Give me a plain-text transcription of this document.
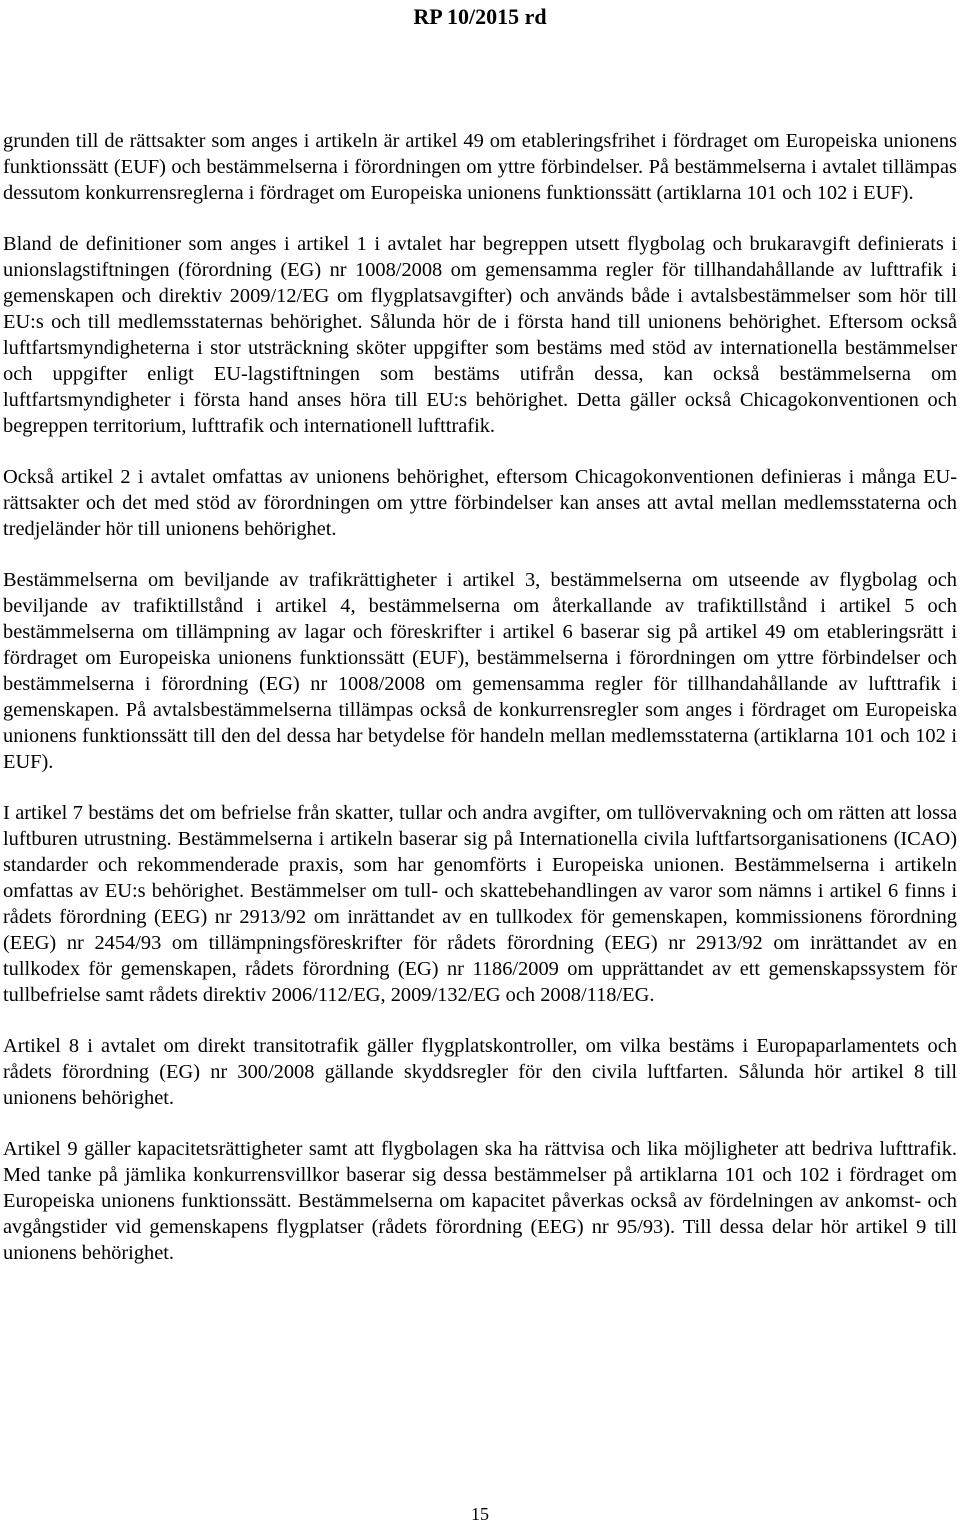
RP 10/2015 rd

grunden till de rättsakter som anges i artikeln är artikel 49 om etableringsfrihet i fördraget om Europeiska unionens funktionssätt (EUF) och bestämmelserna i förordningen om yttre förbindelser. På bestämmelserna i avtalet tillämpas dessutom konkurrensreglerna i fördraget om Europeiska unionens funktionssätt (artiklarna 101 och 102 i EUF).

Bland de definitioner som anges i artikel 1 i avtalet har begreppen utsett flygbolag och brukaravgift definierats i unionslagstiftningen (förordning (EG) nr 1008/2008 om gemensamma regler för tillhandahållande av lufttrafik i gemenskapen och direktiv 2009/12/EG om flygplatsavgifter) och används både i avtalsbestämmelser som hör till EU:s och till medlemsstaternas behörighet. Sålunda hör de i första hand till unionens behörighet. Eftersom också luftfartsmyndigheterna i stor utsträckning sköter uppgifter som bestäms med stöd av internationella bestämmelser och uppgifter enligt EU-lagstiftningen som bestäms utifrån dessa, kan också bestämmelserna om luftfartsmyndigheter i första hand anses höra till EU:s behörighet. Detta gäller också Chicagokonventionen och begreppen territorium, lufttrafik och internationell lufttrafik.

Också artikel 2 i avtalet omfattas av unionens behörighet, eftersom Chicagokonventionen definieras i många EU-rättsakter och det med stöd av förordningen om yttre förbindelser kan anses att avtal mellan medlemsstaterna och tredjeländer hör till unionens behörighet.

Bestämmelserna om beviljande av trafikrättigheter i artikel 3, bestämmelserna om utseende av flygbolag och beviljande av trafiktillstånd i artikel 4, bestämmelserna om återkallande av trafiktillstånd i artikel 5 och bestämmelserna om tillämpning av lagar och föreskrifter i artikel 6 baserar sig på artikel 49 om etableringsrätt i fördraget om Europeiska unionens funktionssätt (EUF), bestämmelserna i förordningen om yttre förbindelser och bestämmelserna i förordning (EG) nr 1008/2008 om gemensamma regler för tillhandahållande av lufttrafik i gemenskapen. På avtalsbestämmelserna tillämpas också de konkurrensregler som anges i fördraget om Europeiska unionens funktionssätt till den del dessa har betydelse för handeln mellan medlemsstaterna (artiklarna 101 och 102 i EUF).

I artikel 7 bestäms det om befrielse från skatter, tullar och andra avgifter, om tullövervakning och om rätten att lossa luftburen utrustning. Bestämmelserna i artikeln baserar sig på Internationella civila luftfartsorganisationens (ICAO) standarder och rekommenderade praxis, som har genomförts i Europeiska unionen. Bestämmelserna i artikeln omfattas av EU:s behörighet. Bestämmelser om tull- och skattebehandlingen av varor som nämns i artikel 6 finns i rådets förordning (EEG) nr 2913/92 om inrättandet av en tullkodex för gemenskapen, kommissionens förordning (EEG) nr 2454/93 om tillämpningsföreskrifter för rådets förordning (EEG) nr 2913/92 om inrättandet av en tullkodex för gemenskapen, rådets förordning (EG) nr 1186/2009 om upprättandet av ett gemenskapssystem för tullbefrielse samt rådets direktiv 2006/112/EG, 2009/132/EG och 2008/118/EG.

Artikel 8 i avtalet om direkt transitotrafik gäller flygplatskontroller, om vilka bestäms i Europaparlamentets och rådets förordning (EG) nr 300/2008 gällande skyddsregler för den civila luftfarten. Sålunda hör artikel 8 till unionens behörighet.

Artikel 9 gäller kapacitetsrättigheter samt att flygbolagen ska ha rättvisa och lika möjligheter att bedriva lufttrafik. Med tanke på jämlika konkurrensvillkor baserar sig dessa bestämmelser på artiklarna 101 och 102 i fördraget om Europeiska unionens funktionssätt. Bestämmelserna om kapacitet påverkas också av fördelningen av ankomst- och avgångstider vid gemenskapens flygplatser (rådets förordning (EEG) nr 95/93). Till dessa delar hör artikel 9 till unionens behörighet.

15
